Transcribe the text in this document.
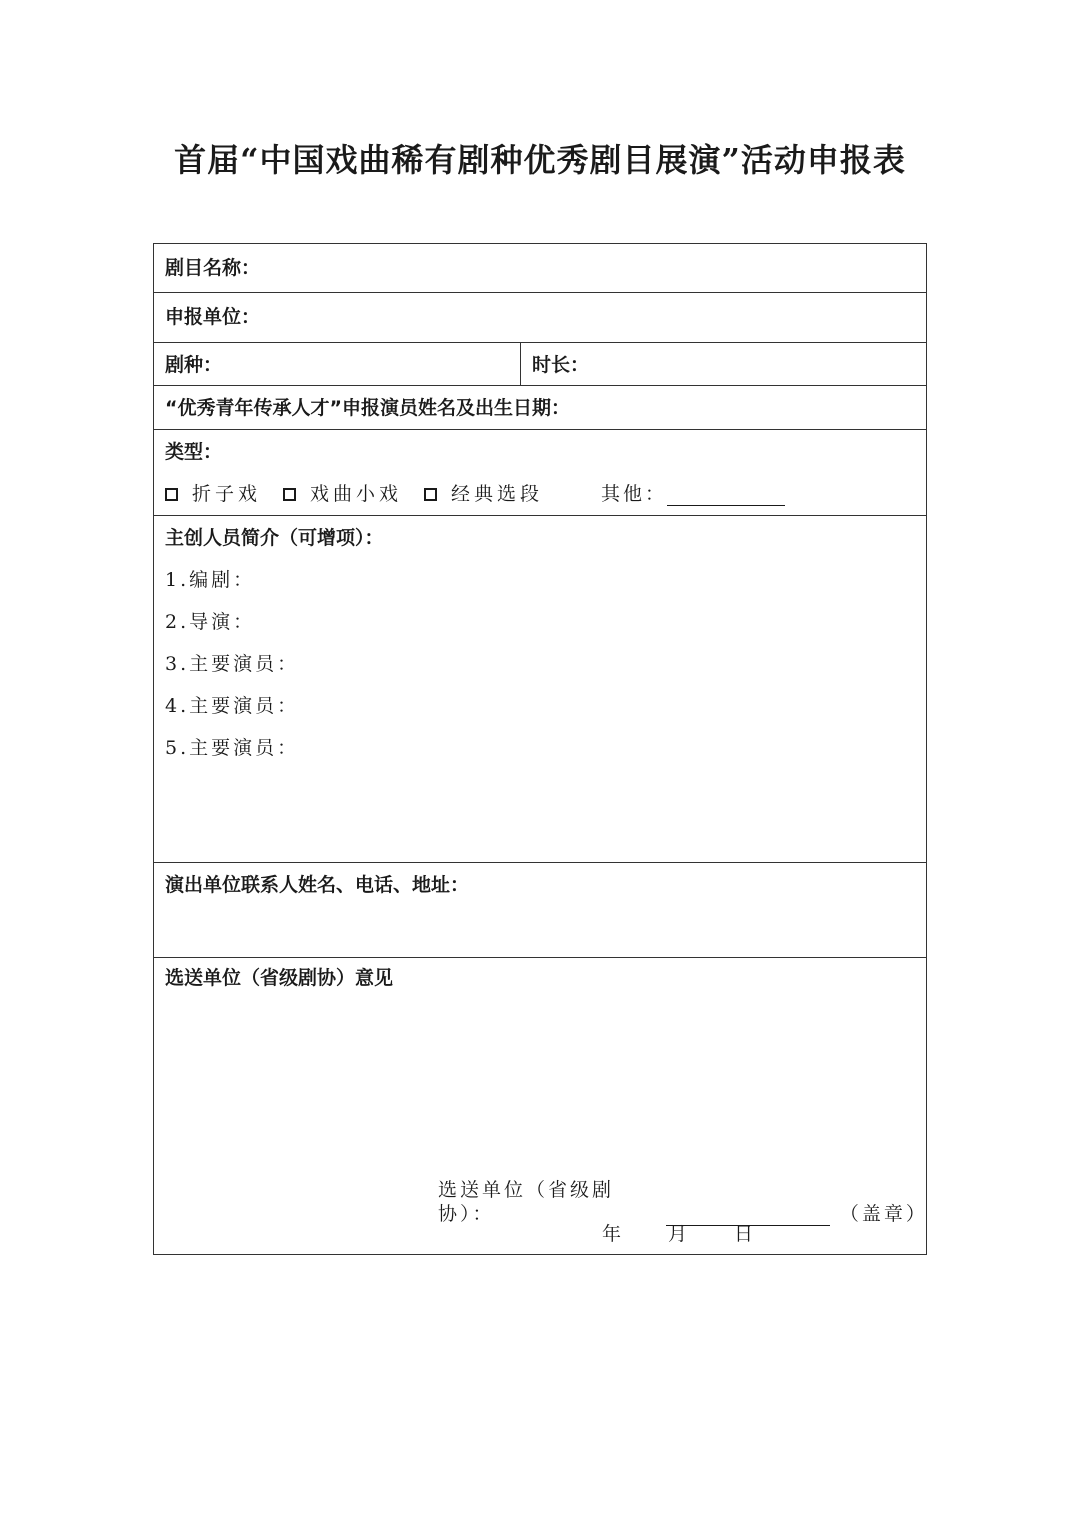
首届“中国戏曲稀有剧种优秀剧目展演”活动申报表
剧目名称：
申报单位：
剧种：	时长：
“优秀青年传承人才”申报演员姓名及出生日期：
类型：
折子戏	戏曲小戏	经典选段	其他：
主创人员简介（可增项）：
1.编剧：
2.导演：
3.主要演员：
4.主要演员：
5.主要演员：
演出单位联系人姓名、电话、地址：
选送单位（省级剧协）意见
选送单位（省级剧协）：	（盖章）
年	月	日
